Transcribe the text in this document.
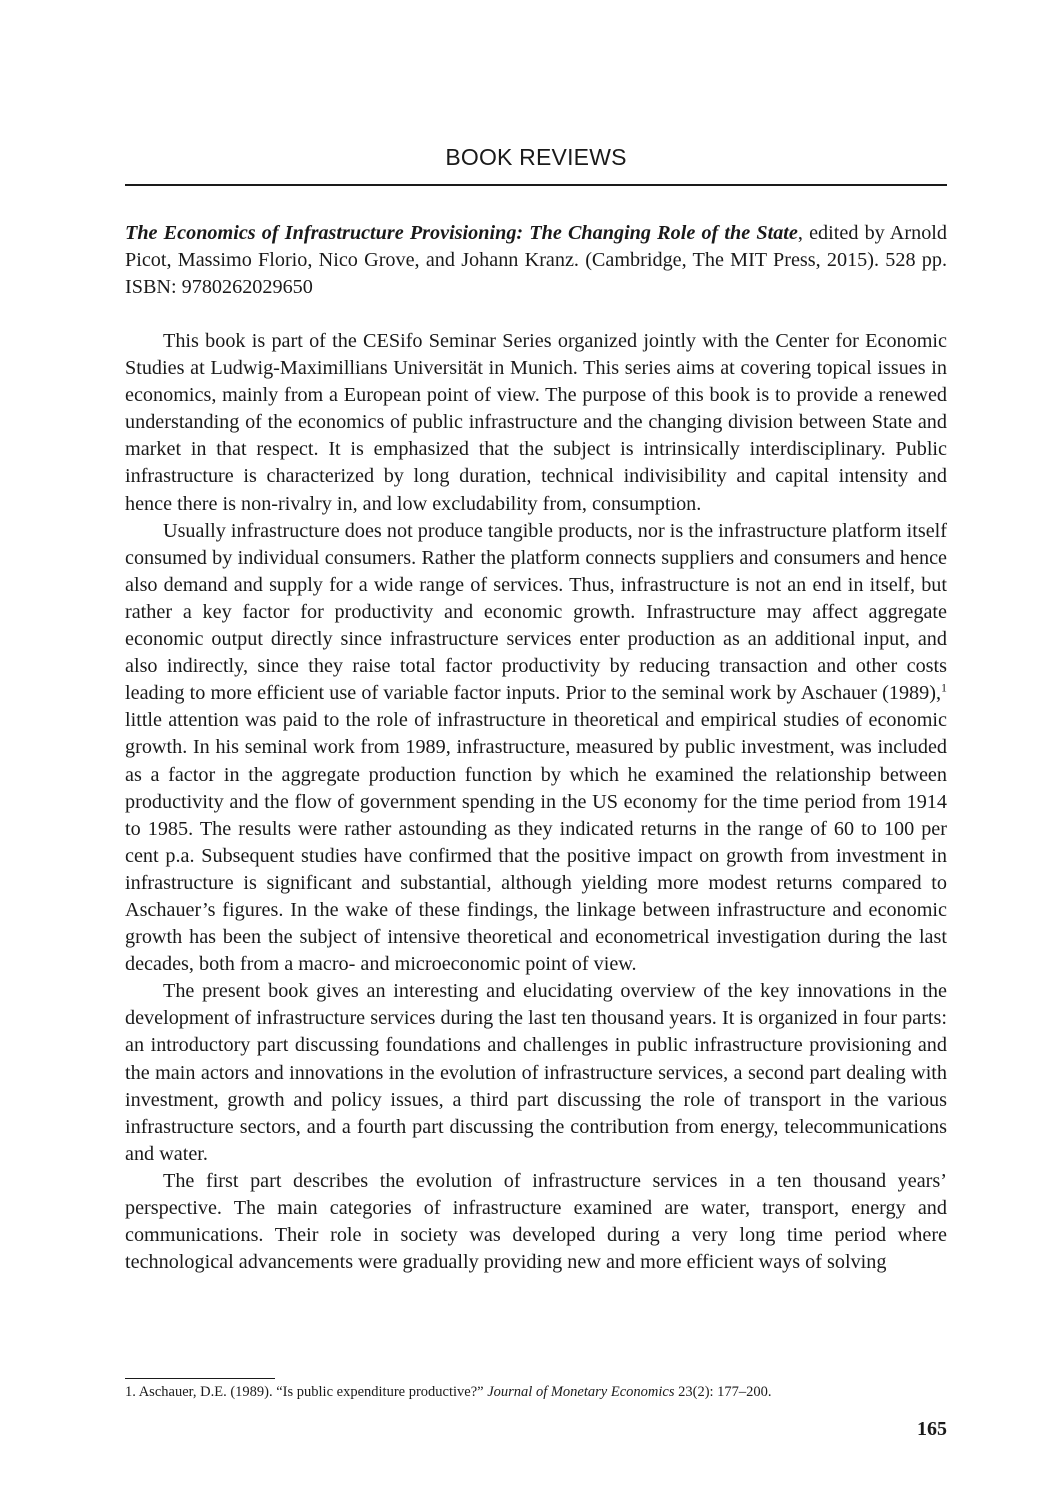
BOOK REVIEWS

The Economics of Infrastructure Provisioning: The Changing Role of the State, edited by Arnold Picot, Massimo Florio, Nico Grove, and Johann Kranz. (Cambridge, The MIT Press, 2015). 528 pp. ISBN: 9780262029650

This book is part of the CESifo Seminar Series organized jointly with the Center for Economic Studies at Ludwig-Maximillians Universität in Munich. This series aims at covering topical issues in economics, mainly from a European point of view. The purpose of this book is to provide a renewed understanding of the economics of public infrastructure and the changing division between State and market in that respect. It is emphasized that the subject is intrinsically interdisciplinary. Public infrastructure is characterized by long duration, technical indivisibility and capital intensity and hence there is non-rivalry in, and low excludability from, consumption.

Usually infrastructure does not produce tangible products, nor is the infrastructure platform itself consumed by individual consumers. Rather the platform connects suppliers and consumers and hence also demand and supply for a wide range of services. Thus, infrastructure is not an end in itself, but rather a key factor for productivity and economic growth. Infrastructure may affect aggregate economic output directly since infrastructure services enter production as an additional input, and also indirectly, since they raise total factor productivity by reducing transaction and other costs leading to more efficient use of variable factor inputs. Prior to the seminal work by Aschauer (1989),$^1$ little attention was paid to the role of infrastructure in theoretical and empirical studies of economic growth. In his seminal work from 1989, infrastructure, measured by public investment, was included as a factor in the aggregate production function by which he examined the relationship between productivity and the flow of government spending in the US economy for the time period from 1914 to 1985. The results were rather astounding as they indicated returns in the range of 60 to 100 per cent p.a. Subsequent studies have confirmed that the positive impact on growth from investment in infrastructure is significant and substantial, although yielding more modest returns compared to Aschauer’s figures. In the wake of these findings, the linkage between infrastructure and economic growth has been the subject of intensive theoretical and econometrical investigation during the last decades, both from a macro- and microeconomic point of view.

The present book gives an interesting and elucidating overview of the key innovations in the development of infrastructure services during the last ten thousand years. It is organized in four parts: an introductory part discussing foundations and challenges in public infrastructure provisioning and the main actors and innovations in the evolution of infrastructure services, a second part dealing with investment, growth and policy issues, a third part discussing the role of transport in the various infrastructure sectors, and a fourth part discussing the contribution from energy, telecommunications and water.

The first part describes the evolution of infrastructure services in a ten thousand years’ perspective. The main categories of infrastructure examined are water, transport, energy and communications. Their role in society was developed during a very long time period where technological advancements were gradually providing new and more efficient ways of solving

1. Aschauer, D.E. (1989). “Is public expenditure productive?” Journal of Monetary Economics 23(2): 177–200.

165
